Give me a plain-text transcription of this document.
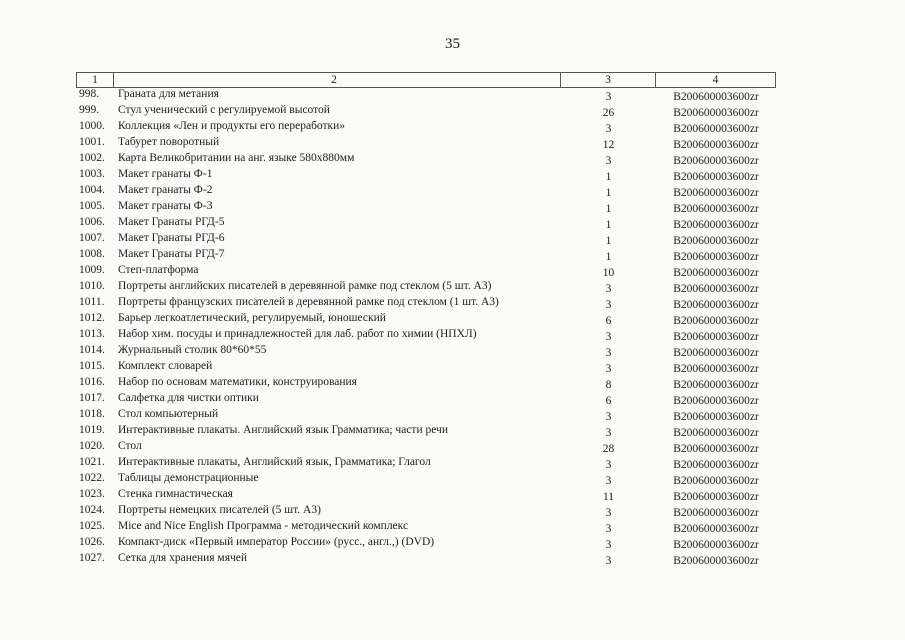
35
1	2	3	4
998.	Граната для метания	3	B200600003600zr
999.	Стул ученический с регулируемой высотой	26	B200600003600zr
1000.	Коллекция «Лен и продукты его переработки»	3	B200600003600zr
1001.	Табурет поворотный	12	B200600003600zr
1002.	Карта Великобритании на анг. языке 580x880мм	3	B200600003600zr
1003.	Макет гранаты Ф-1	1	B200600003600zr
1004.	Макет гранаты Ф-2	1	B200600003600zr
1005.	Макет гранаты Ф-3	1	B200600003600zr
1006.	Макет Гранаты РГД-5	1	B200600003600zr
1007.	Макет Гранаты РГД-6	1	B200600003600zr
1008.	Макет Гранаты РГД-7	1	B200600003600zr
1009.	Степ-платформа	10	B200600003600zr
1010.	Портреты английских писателей в деревянной рамке под стеклом (5 шт. А3)	3	B200600003600zr
1011.	Портреты французских писателей в деревянной рамке под стеклом (1 шт. А3)	3	B200600003600zr
1012.	Барьер легкоатлетический, регулируемый, юношеский	6	B200600003600zr
1013.	Набор хим. посуды и принадлежностей для лаб. работ по химии (НПХЛ)	3	B200600003600zr
1014.	Журнальный столик 80*60*55	3	B200600003600zr
1015.	Комплект словарей	3	B200600003600zr
1016.	Набор по основам математики, конструирования	8	B200600003600zr
1017.	Салфетка для чистки оптики	6	B200600003600zr
1018.	Стол компьютерный	3	B200600003600zr
1019.	Интерактивные плакаты. Английский язык Грамматика; части речи	3	B200600003600zr
1020.	Стол	28	B200600003600zr
1021.	Интерактивные плакаты, Английский язык, Грамматика; Глагол	3	B200600003600zr
1022.	Таблицы демонстрационные	3	B200600003600zr
1023.	Стенка гимнастическая	11	B200600003600zr
1024.	Портреты немецких писателей (5 шт. А3)	3	B200600003600zr
1025.	Mice and Nice English Программа - методический комплекс	3	B200600003600zr
1026.	Компакт-диск «Первый император России» (русс., англ.,) (DVD)	3	B200600003600zr
1027.	Сетка для хранения мячей	3	B200600003600zr
